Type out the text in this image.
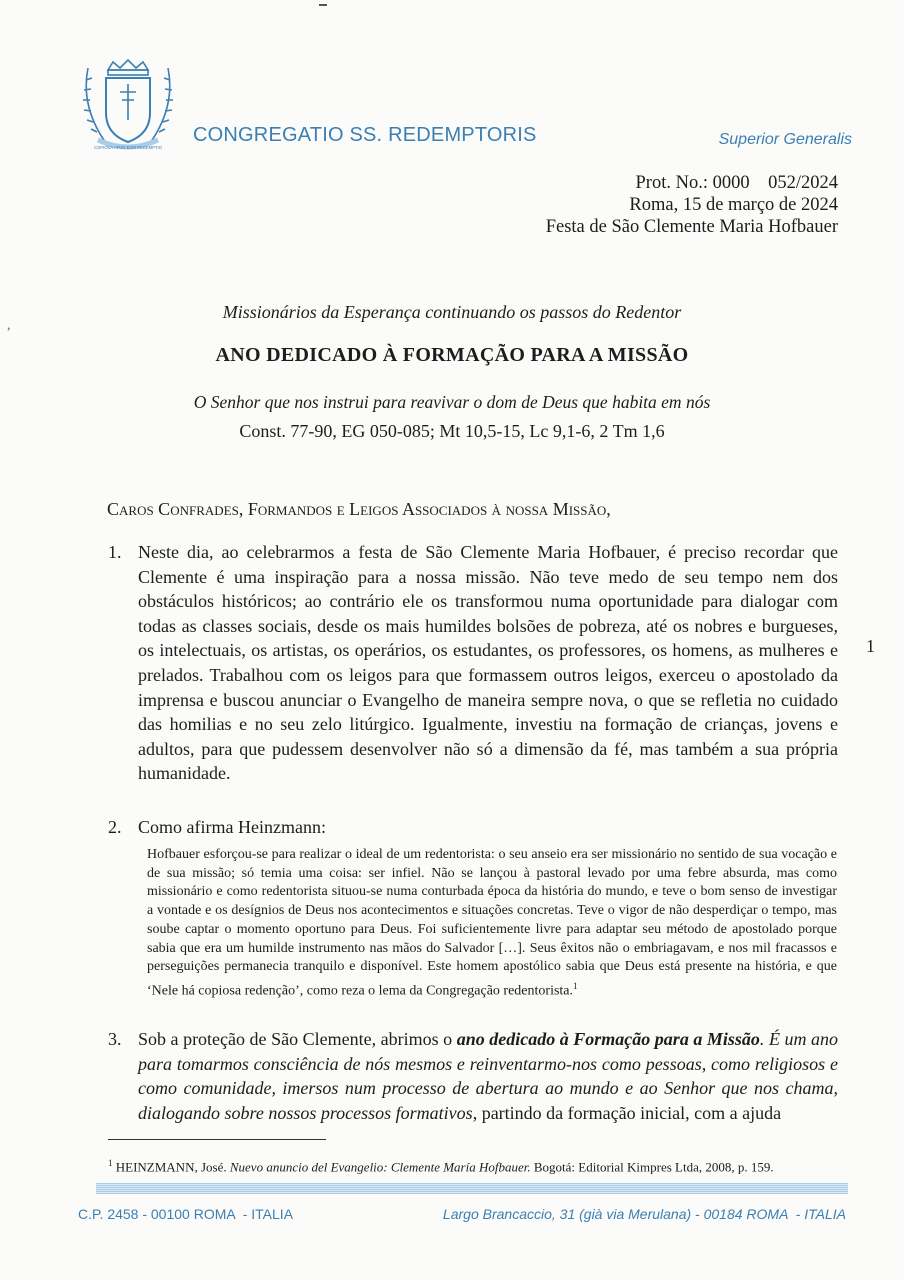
,
COPIOSA APUD EUM REDEMPTIO
CONGREGATIO SS. REDEMPTORIS	Superior Generalis
Prot. No.: 0000    052/2024
Roma, 15 de março de 2024
Festa de São Clemente Maria Hofbauer
Missionários da Esperança continuando os passos do Redentor
ANO DEDICADO À FORMAÇÃO PARA A MISSÃO
O Senhor que nos instrui para reavivar o dom de Deus que habita em nós
Const. 77-90, EG 050-085; Mt 10,5-15, Lc 9,1-6, 2 Tm 1,6
Caros Confrades, Formandos e Leigos Associados à nossa Missão,
1. Neste dia, ao celebrarmos a festa de São Clemente Maria Hofbauer, é preciso recordar que Clemente é uma inspiração para a nossa missão. Não teve medo de seu tempo nem dos obstáculos históricos; ao contrário ele os transformou numa oportunidade para dialogar com todas as classes sociais, desde os mais humildes bolsões de pobreza, até os nobres e burgueses, os intelectuais, os artistas, os operários, os estudantes, os professores, os homens, as mulheres e prelados. Trabalhou com os leigos para que formassem outros leigos, exerceu o apostolado da imprensa e buscou anunciar o Evangelho de maneira sempre nova, o que se refletia no cuidado das homilias e no seu zelo litúrgico. Igualmente, investiu na formação de crianças, jovens e adultos, para que pudessem desenvolver não só a dimensão da fé, mas também a sua própria humanidade.
1
2. Como afirma Heinzmann:
Hofbauer esforçou-se para realizar o ideal de um redentorista: o seu anseio era ser missionário no sentido de sua vocação e de sua missão; só temia uma coisa: ser infiel. Não se lançou à pastoral levado por uma febre absurda, mas como missionário e como redentorista situou-se numa conturbada época da história do mundo, e teve o bom senso de investigar a vontade e os desígnios de Deus nos acontecimentos e situações concretas. Teve o vigor de não desperdiçar o tempo, mas soube captar o momento oportuno para Deus. Foi suficientemente livre para adaptar seu método de apostolado porque sabia que era um humilde instrumento nas mãos do Salvador […]. Seus êxitos não o embriagavam, e nos mil fracassos e perseguições permanecia tranquilo e disponível. Este homem apostólico sabia que Deus está presente na história, e que ‘Nele há copiosa redenção’, como reza o lema da Congregação redentorista.$^1$
3. Sob a proteção de São Clemente, abrimos o ano dedicado à Formação para a Missão. É um ano para tomarmos consciência de nós mesmos e reinventarmo-nos como pessoas, como religiosos e como comunidade, imersos num processo de abertura ao mundo e ao Senhor que nos chama, dialogando sobre nossos processos formativos, partindo da formação inicial, com a ajuda
$^1$ HEINZMANN, José. Nuevo anuncio del Evangelio: Clemente María Hofbauer. Bogotá: Editorial Kimpres Ltda, 2008, p. 159.
C.P. 2458 - 00100 ROMA  - ITALIA	Largo Brancaccio, 31 (già via Merulana) - 00184 ROMA  - ITALIA
